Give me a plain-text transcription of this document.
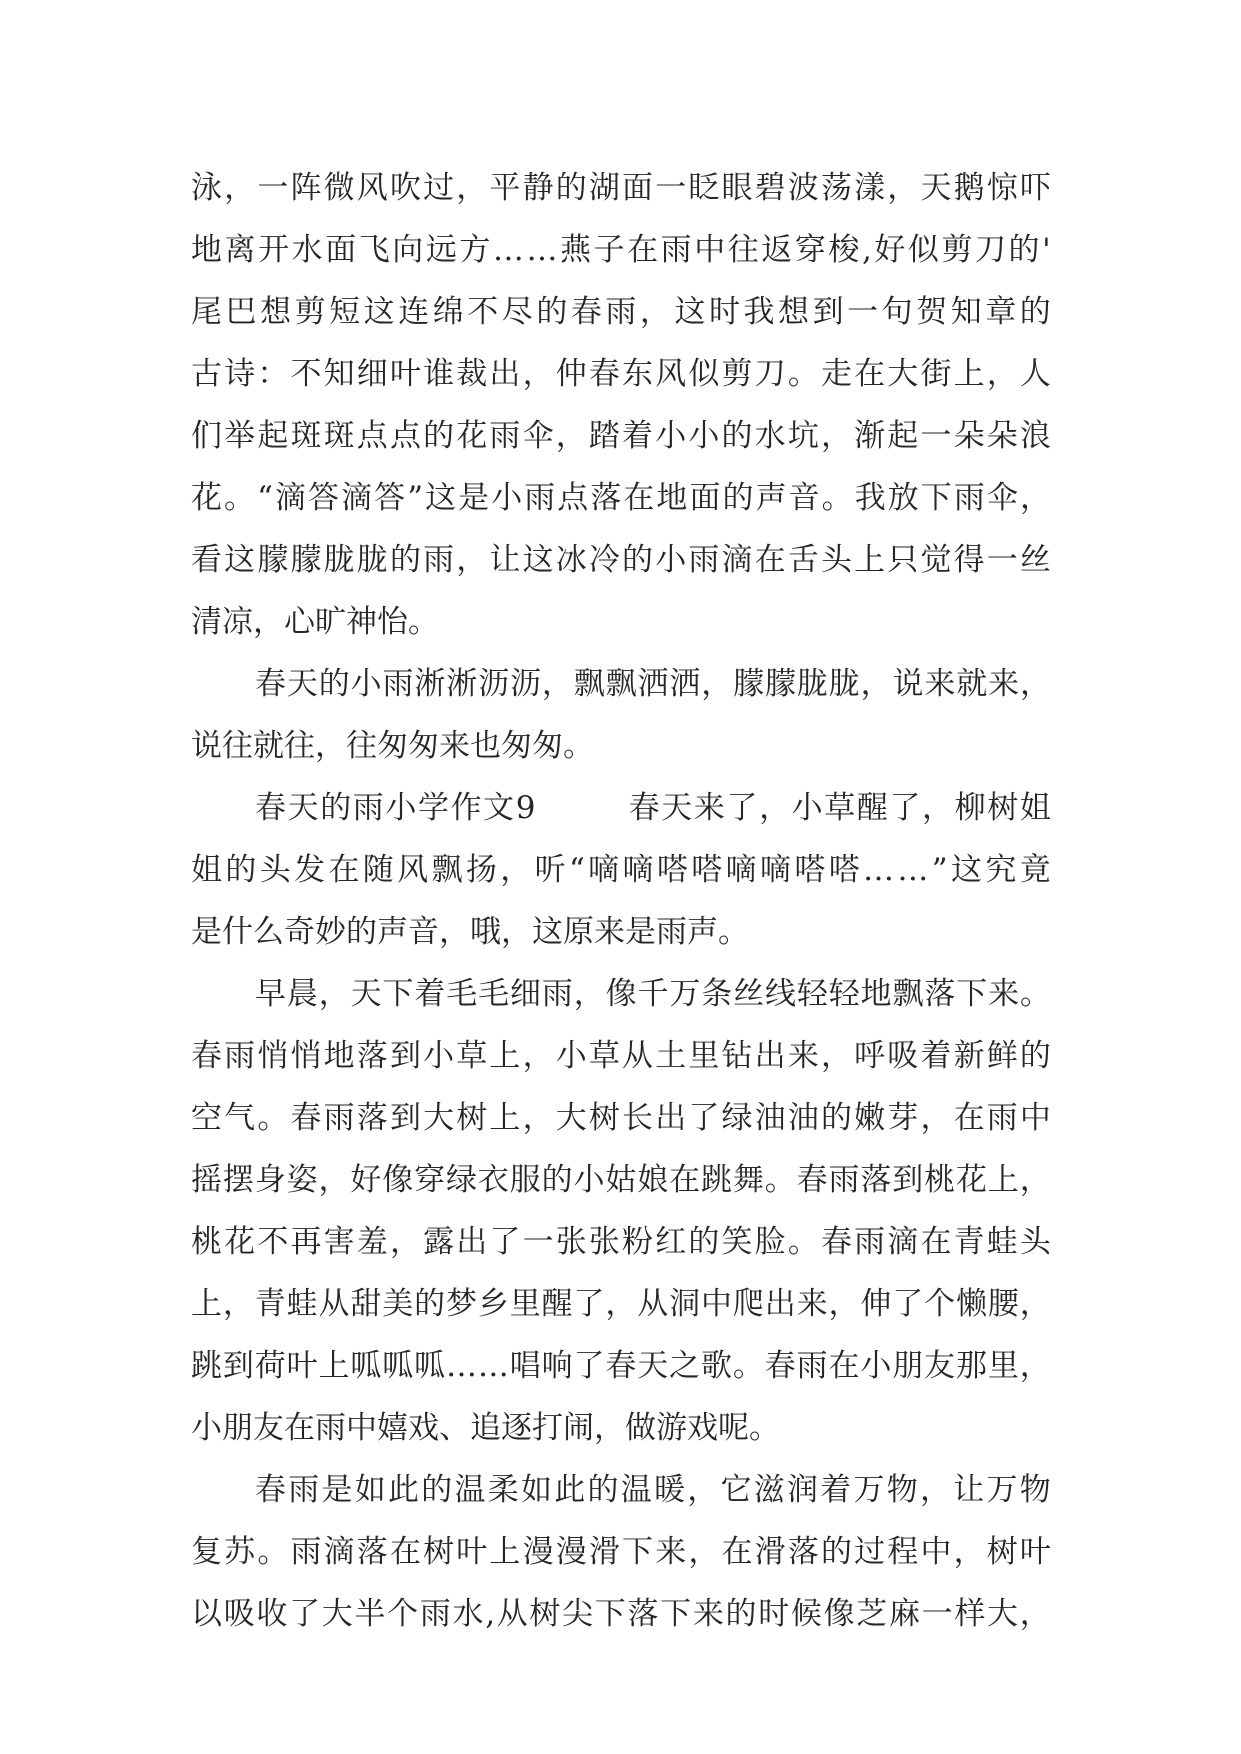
泳 ， 一 阵 微 风 吹 过 ， 平 静 的 湖 面 一 眨 眼 碧 波 荡 漾 ， 天 鹅 惊 吓
地 离 开 水 面 飞 向 远 方 … … 燕 子 在 雨 中 往 返 穿 梭 , 好 似 剪 刀 的 '
尾 巴 想 剪 短 这 连 绵 不 尽 的 春 雨 ， 这 时 我 想 到 一 句 贺 知 章 的
古 诗 ： 不 知 细 叶 谁 裁 出 ， 仲 春 东 风 似 剪 刀 。 走 在 大 街 上 ， 人
们 举 起 斑 斑 点 点 的 花 雨 伞 ， 踏 着 小 小 的 水 坑 ， 渐 起 一 朵 朵 浪
花 。 “ 滴 答 滴 答 ” 这 是 小 雨 点 落 在 地 面 的 声 音 。 我 放 下 雨 伞 ，
看 这 朦 朦 胧 胧 的 雨 ， 让 这 冰 冷 的 小 雨 滴 在 舌 头 上 只 觉 得 一 丝
清凉，心旷神怡。
春 天 的 小 雨 淅 淅 沥 沥 ， 飘 飘 洒 洒 ， 朦 朦 胧 胧 ， 说 来 就 来 ，
说往就往，往匆匆来也匆匆。
春 天 的 雨 小 学 作 文 9

	春 天 来 了 ， 小 草 醒 了 ， 柳 树 姐
姐 的 头 发 在 随 风 飘 扬 ， 听 “ 嘀 嘀 嗒 嗒 嘀 嘀 嗒 嗒 … … ” 这 究 竟
是什么奇妙的声音，哦，这原来是雨声。
早 晨 ， 天 下 着 毛 毛 细 雨 ， 像 千 万 条 丝 线 轻 轻 地 飘 落 下 来 。
春 雨 悄 悄 地 落 到 小 草 上 ， 小 草 从 土 里 钻 出 来 ， 呼 吸 着 新 鲜 的
空 气 。 春 雨 落 到 大 树 上 ， 大 树 长 出 了 绿 油 油 的 嫩 芽 ， 在 雨 中
摇 摆 身 姿 ， 好 像 穿 绿 衣 服 的 小 姑 娘 在 跳 舞 。 春 雨 落 到 桃 花 上 ，
桃 花 不 再 害 羞 ， 露 出 了 一 张 张 粉 红 的 笑 脸 。 春 雨 滴 在 青 蛙 头
上 ， 青 蛙 从 甜 美 的 梦 乡 里 醒 了 ， 从 洞 中 爬 出 来 ， 伸 了 个 懒 腰 ，
跳 到 荷 叶 上 呱 呱 呱 … … 唱 响 了 春 天 之 歌 。 春 雨 在 小 朋 友 那 里 ，
小朋友在雨中嬉戏、追逐打闹，做游戏呢。
春 雨 是 如 此 的 温 柔 如 此 的 温 暖 ， 它 滋 润 着 万 物 ， 让 万 物
复 苏 。 雨 滴 落 在 树 叶 上 漫 漫 滑 下 来 ， 在 滑 落 的 过 程 中 ， 树 叶
以 吸 收 了 大 半 个 雨 水 , 从 树 尖 下 落 下 来 的 时 候 像 芝 麻 一 样 大 ，
